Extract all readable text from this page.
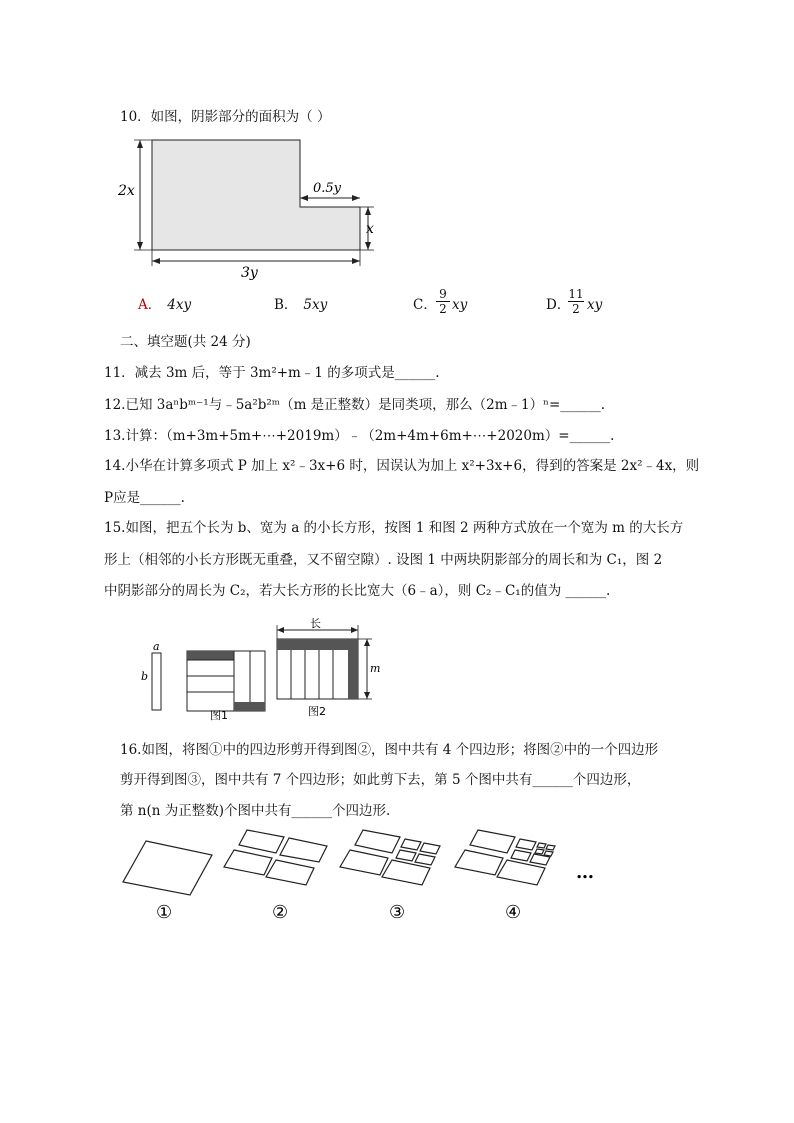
10．如图，阴影部分的面积为（ ）
2x	0.5y
x
3y
A． 4xy	B． 5xy	C． $\frac{9}{2}$ xy	D．
$\frac{11}{2}$ xy
二、填空题(共 24 分)
11．减去 3m 后，等于 3m²+m﹣1 的多项式是______.
12.已知 3aⁿbᵐ⁻¹与﹣5a²b²ᵐ（m 是正整数）是同类项，那么（2m﹣1）ⁿ=______.
13.计算：（m+3m+5m+⋯+2019m）﹣（2m+4m+6m+⋯+2020m）=______.
14.小华在计算多项式 P 加上 x²﹣3x+6 时，因误认为加上 x²+3x+6，得到的答案是 2x²﹣4x，则
P应是______.
15.如图，把五个长为 b、宽为 a 的小长方形，按图 1 和图 2 两种方式放在一个宽为 m 的大长方
形上（相邻的小长方形既无重叠，又不留空隙）. 设图 1 中两块阴影部分的周长和为 C₁，图 2
中阴影部分的周长为 C₂，若大长方形的长比宽大（6﹣a），则 C₂﹣C₁的值为 ______.
a
b
图1
长
m
图2
16.如图，将图①中的四边形剪开得到图②，图中共有 4 个四边形；将图②中的一个四边形
剪开得到图③，图中共有 7 个四边形；如此剪下去，第 5 个图中共有______个四边形，
第 n(n 为正整数)个图中共有______个四边形.
①	②	③	④
…
